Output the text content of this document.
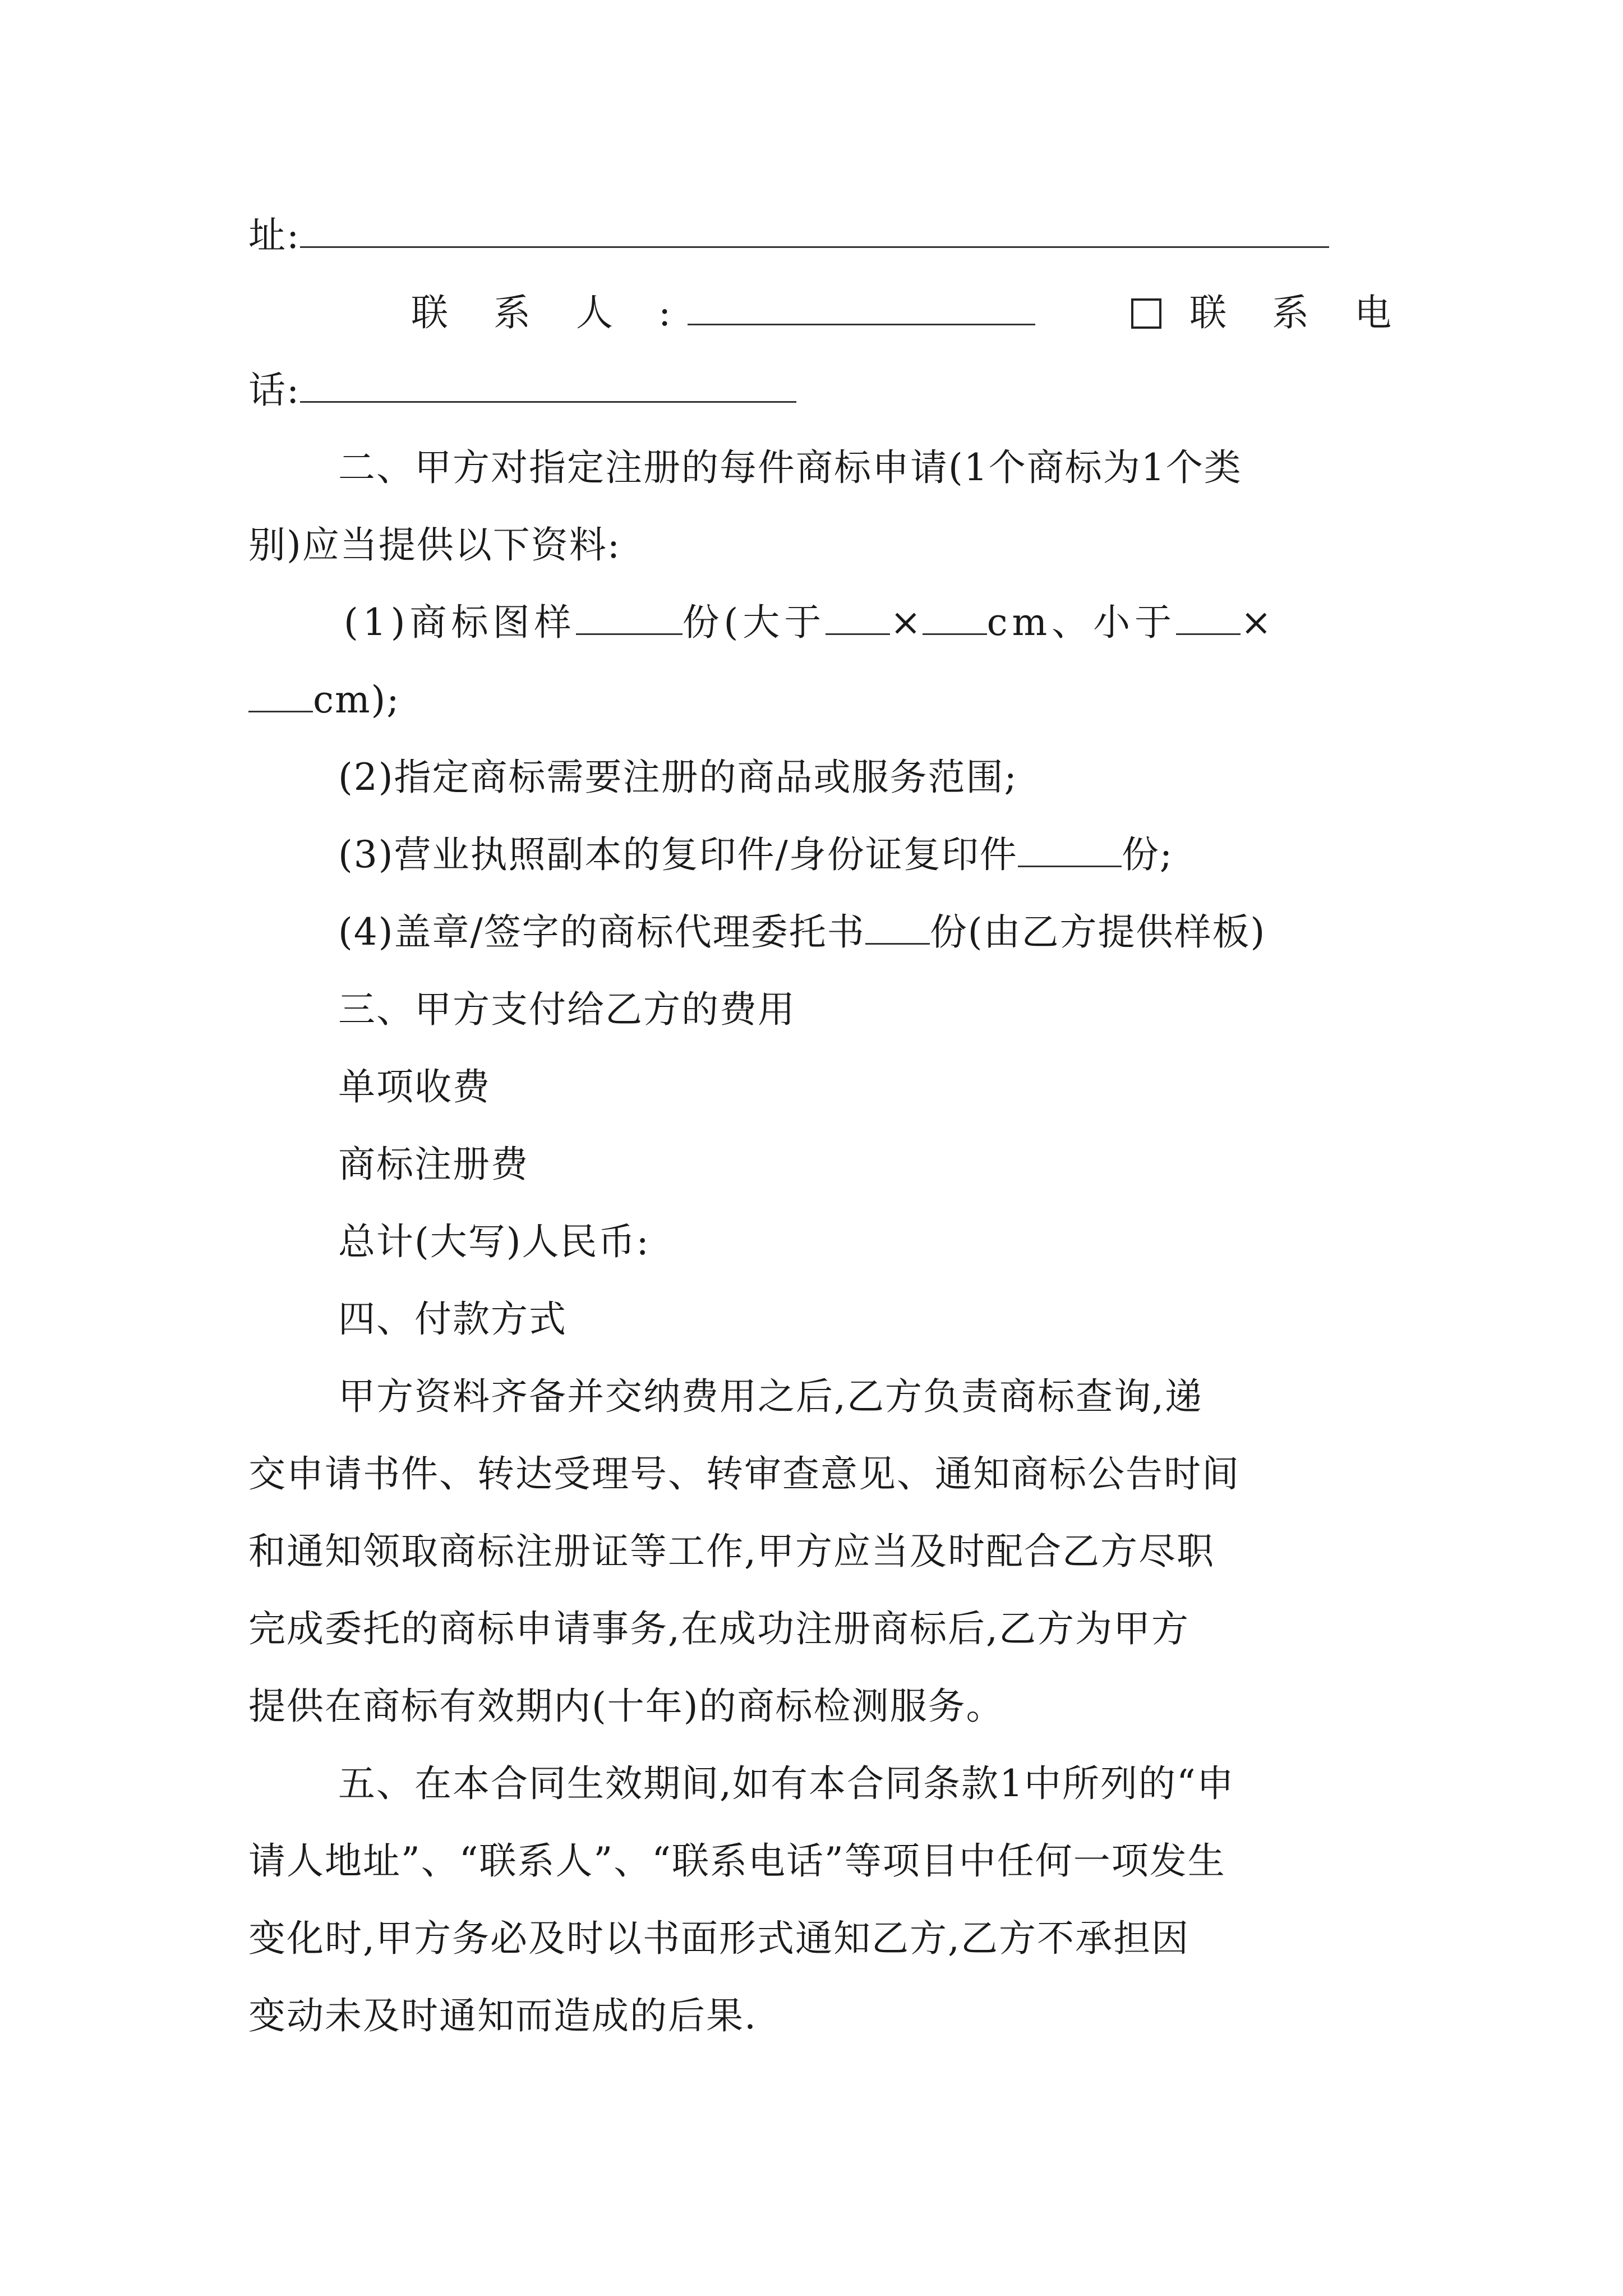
址:
联 系 人 :	联 系 电
话:
二、甲方对指定注册的每件商标申请(1个商标为1个类
别)应当提供以下资料:
(1)商标图样	份(大于 × cm、小于 ×
cm);
(2)指定商标需要注册的商品或服务范围;
(3)营业执照副本的复印件/身份证复印件	份;
(4)盖章/签字的商标代理委托书 份(由乙方提供样板)
三、甲方支付给乙方的费用
单项收费
商标注册费
总计(大写)人民币:
四、付款方式
甲方资料齐备并交纳费用之后,乙方负责商标查询,递
交申请书件、转达受理号、转审查意见、通知商标公告时间
和通知领取商标注册证等工作,甲方应当及时配合乙方尽职
完成委托的商标申请事务,在成功注册商标后,乙方为甲方
提供在商标有效期内(十年)的商标检测服务。
五、在本合同生效期间,如有本合同条款1中所列的“申
请人地址”、“联系人”、“联系电话”等项目中任何一项发生
变化时,甲方务必及时以书面形式通知乙方,乙方不承担因
变动未及时通知而造成的后果.
